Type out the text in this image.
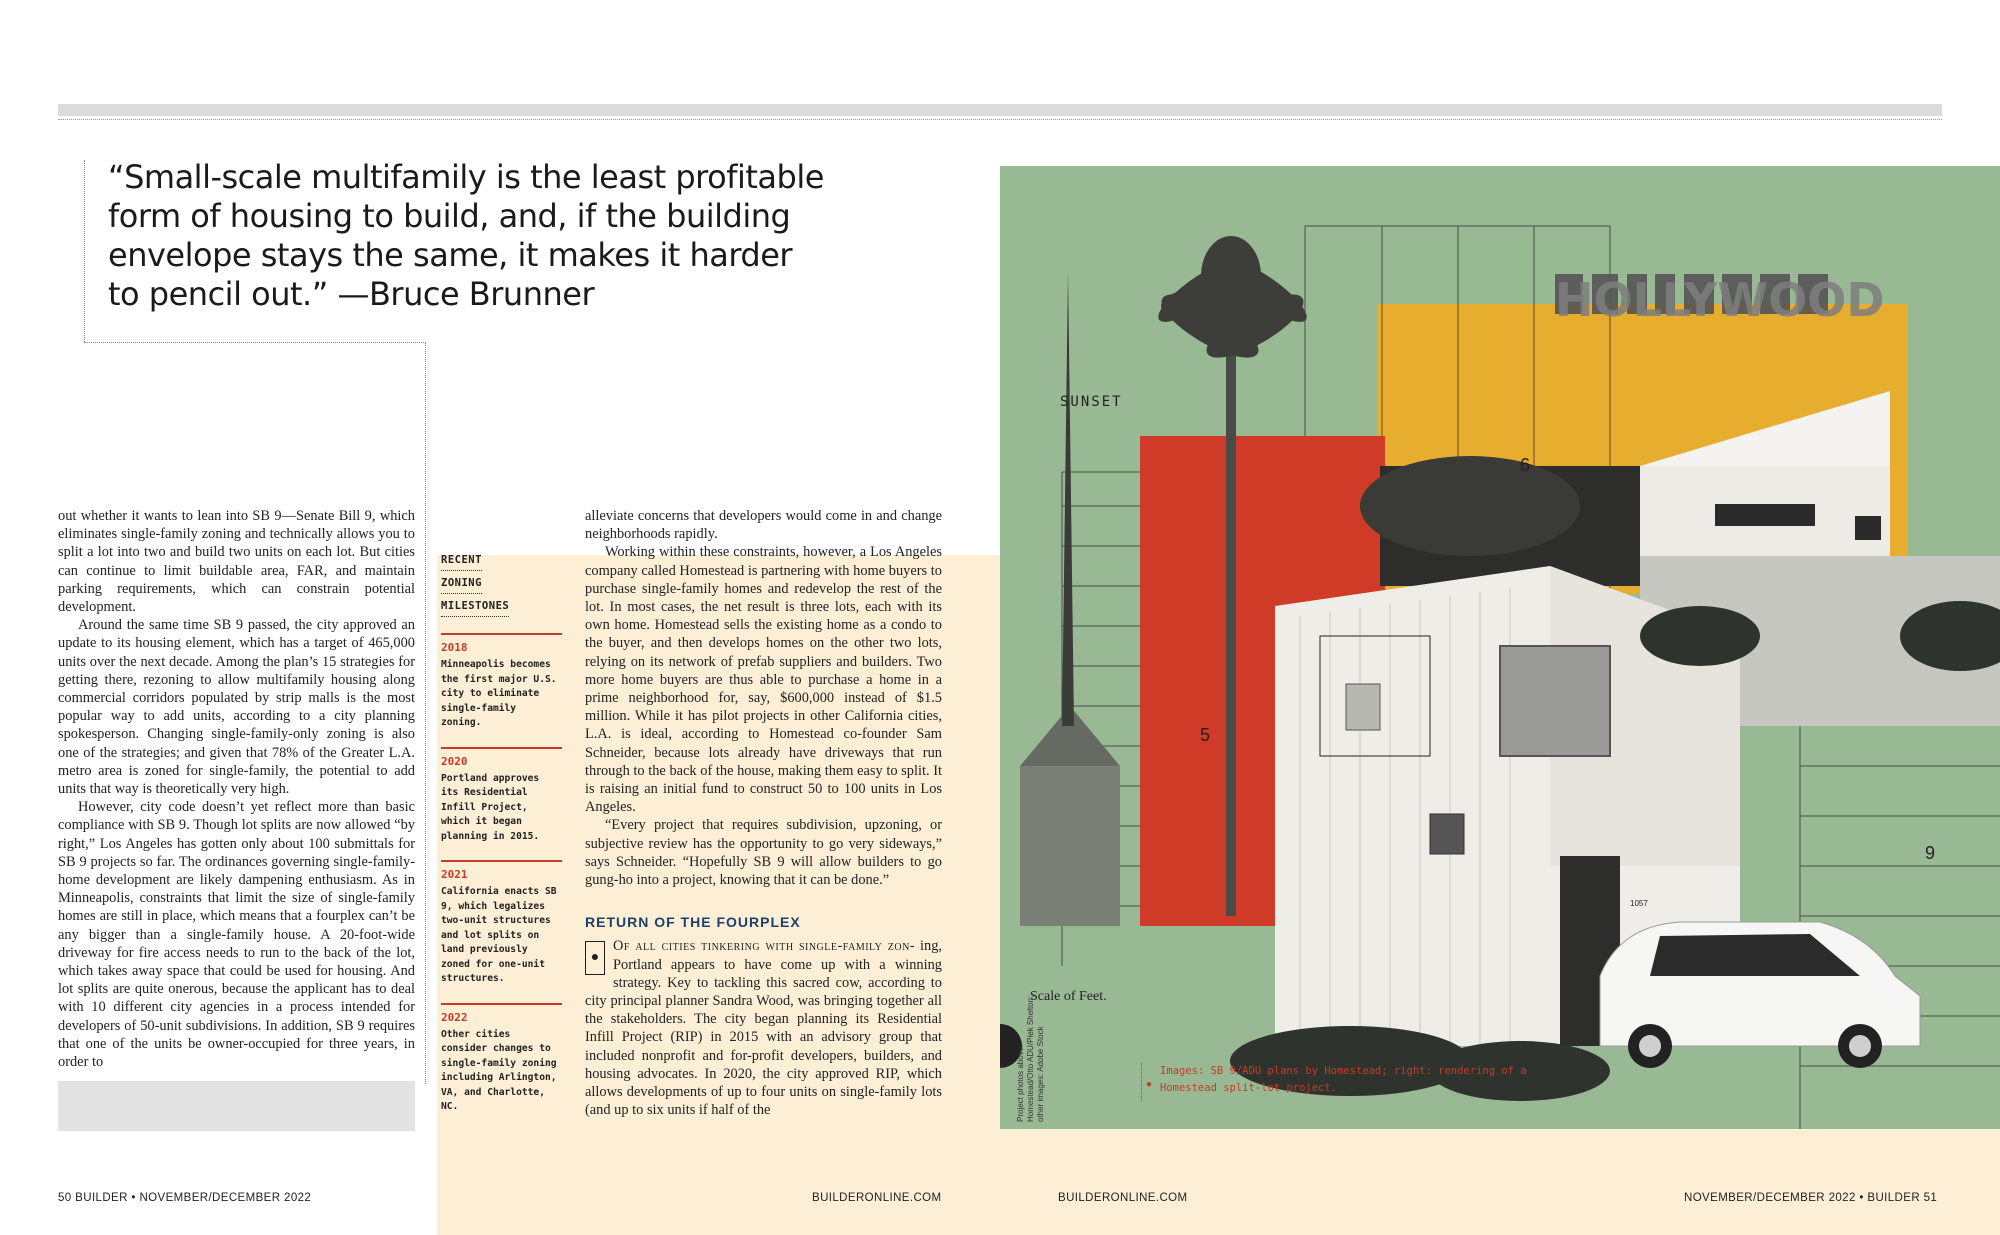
“Small-scale multifamily is the least profitable form of housing to build, and, if the building envelope stays the same, it makes it harder to pencil out.” —Bruce Brunner

out whether it wants to lean into SB 9—Senate Bill 9, which eliminates single-family zoning and technically allows you to split a lot into two and build two units on each lot. But cities can continue to limit buildable area, FAR, and maintain parking requirements, which can constrain potential development.

Around the same time SB 9 passed, the city approved an update to its housing element, which has a target of 465,000 units over the next decade. Among the plan’s 15 strategies for getting there, rezoning to allow multifamily housing along commercial corridors populated by strip malls is the most popular way to add units, according to a city planning spokesperson. Changing single-family-only zoning is also one of the strategies; and given that 78% of the Greater L.A. metro area is zoned for single-family, the potential to add units that way is theoretically very high.

However, city code doesn’t yet reflect more than basic compliance with SB 9. Though lot splits are now allowed “by right,” Los Angeles has gotten only about 100 submittals for SB 9 projects so far. The ordinances governing single-family-home development are likely dampening enthusiasm. As in Minneapolis, constraints that limit the size of single-family homes are still in place, which means that a fourplex can’t be any bigger than a single-family house. A 20-foot-wide driveway for fire access needs to run to the back of the lot, which takes away space that could be used for housing. And lot splits are quite onerous, because the applicant has to deal with 10 different city agencies in a process intended for developers of 50-unit subdivisions. In addition, SB 9 requires that one of the units be owner-occupied for three years, in order to

RECENT
ZONING
MILESTONES
2018
Minneapolis becomes the first major U.S. city to eliminate single-family zoning.
2020
Portland approves its Residential Infill Project, which it began planning in 2015.
2021
California enacts SB 9, which legalizes two-unit structures and lot splits on land previously zoned for one-unit structures.
2022
Other cities consider changes to single-family zoning including Arlington, VA, and Charlotte, NC.

alleviate concerns that developers would come in and change neighborhoods rapidly.

Working within these constraints, however, a Los Angeles company called Homestead is partnering with home buyers to purchase single-family homes and redevelop the rest of the lot. In most cases, the net result is three lots, each with its own home. Homestead sells the existing home as a condo to the buyer, and then develops homes on the other two lots, relying on its network of prefab suppliers and builders. Two more home buyers are thus able to purchase a home in a prime neighborhood for, say, $600,000 instead of $1.5 million. While it has pilot projects in other California cities, L.A. is ideal, according to Homestead co-founder Sam Schneider, because lots already have driveways that run through to the back of the house, making them easy to split. It is raising an initial fund to construct 50 to 100 units in Los Angeles.

“Every project that requires subdivision, upzoning, or subjective review has the opportunity to go very sideways,” says Schneider. “Hopefully SB 9 will allow builders to go gung-ho into a project, knowing that it can be done.”

RETURN OF THE FOURPLEX

●
Of all cities tinkering with single-family zon- ing, Portland appears to have come up with a winning strategy. Key to tackling this sacred cow, according to city principal planner Sandra Wood, was bringing together all the stakeholders. The city began planning its Residential Infill Project (RIP) in 2015 with an advisory group that included nonprofit and for-profit developers, builders, and housing advocates. In 2020, the city approved RIP, which allows developments of up to four units on single-family lots (and up to six units if half of the

HOLLYWOOD
1057
SUNSET
Scale of Feet.
5
6
9
Project photos above: Homestead/Otto ADU/Piek Shelton; other images: Adobe Stock	●
Images: SB 9/ADU plans by Homestead; right: rendering of a Homestead split-lot project.
50 BUILDER • NOVEMBER/DECEMBER 2022	BUILDERONLINE.COM	BUILDERONLINE.COM	NOVEMBER/DECEMBER 2022 • BUILDER 51
